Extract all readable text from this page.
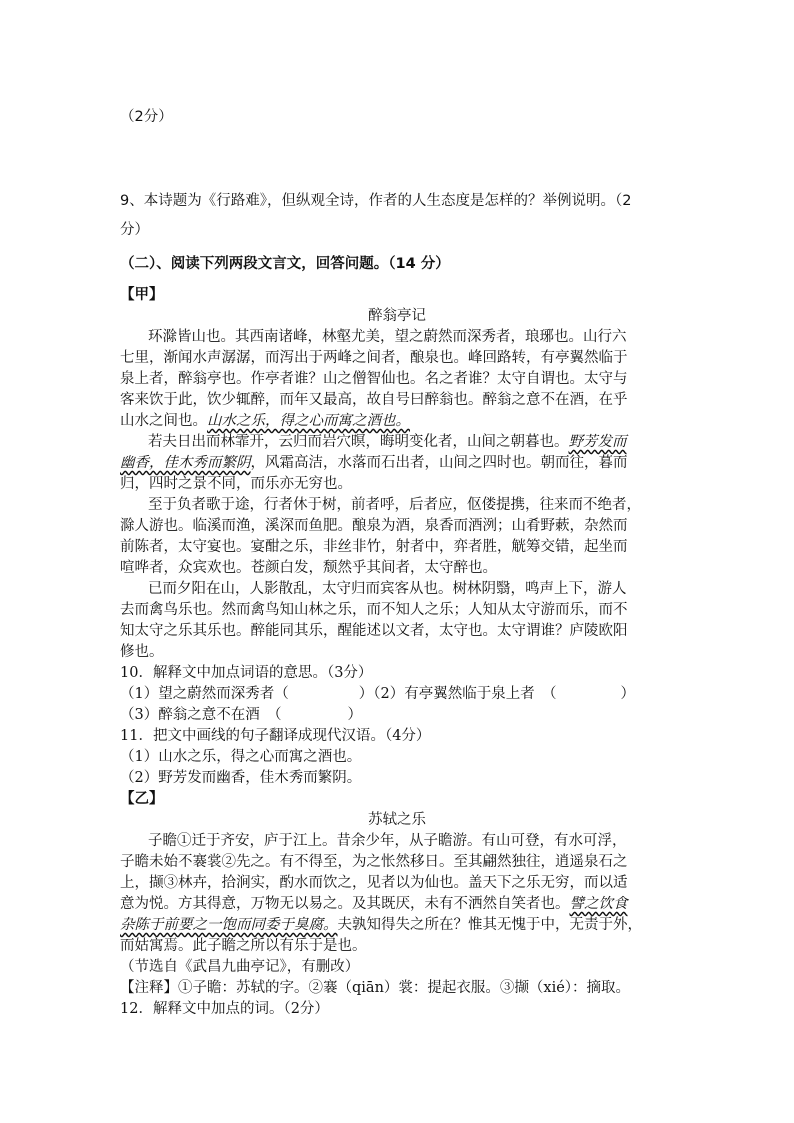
（2分）
9、本诗题为《行路难》，但纵观全诗，作者的人生态度是怎样的？举例说明。（2
分）
（二）、阅读下列两段文言文，回答问题。（14 分）
【甲】
醉翁亭记
环滁皆山也。其西南诸峰，林壑尤美，望之蔚然而深秀者，琅琊也。山行六
七里，渐闻水声潺潺，而泻出于两峰之间者，酿泉也。峰回路转，有亭翼然临于
泉上者，醉翁亭也。作亭者谁？山之僧智仙也。名之者谁？太守自谓也。太守与
客来饮于此，饮少辄醉，而年又最高，故自号曰醉翁也。醉翁之意不在酒，在乎
山水之间也。山水之乐，得之心而寓之酒也。
若夫日出而林霏开，云归而岩穴暝，晦明变化者，山间之朝暮也。野芳发而
幽香，佳木秀而繁阴，风霜高洁，水落而石出者，山间之四时也。朝而往，暮而
归，四时之景不同，而乐亦无穷也。
至于负者歌于途，行者休于树，前者呼，后者应，伛偻提携，往来而不绝者，
滁人游也。临溪而渔，溪深而鱼肥。酿泉为酒，泉香而酒洌；山肴野蔌，杂然而
前陈者，太守宴也。宴酣之乐，非丝非竹，射者中，弈者胜，觥筹交错，起坐而
喧哗者，众宾欢也。苍颜白发，颓然乎其间者，太守醉也。
已而夕阳在山，人影散乱，太守归而宾客从也。树林阴翳，鸣声上下，游人
去而禽鸟乐也。然而禽鸟知山林之乐，而不知人之乐；人知从太守游而乐，而不
知太守之乐其乐也。醉能同其乐，醒能述以文者，太守也。太守谓谁？庐陵欧阳
修也。
10．解释文中加点词语的意思。（3分）
（1）望之蔚然而深秀者（	）（2）有亭翼然临于泉上者　（	）
（3）醉翁之意不在酒　（	）
11．把文中画线的句子翻译成现代汉语。（4分）
（1）山水之乐，得之心而寓之酒也。
（2）野芳发而幽香，佳木秀而繁阴。
【乙】
苏轼之乐
子瞻①迁于齐安，庐于江上。昔余少年，从子瞻游。有山可登，有水可浮，
子瞻未始不褰裳②先之。有不得至，为之怅然移日。至其翩然独往，逍遥泉石之
上，撷③林卉，拾涧实，酌水而饮之，见者以为仙也。盖天下之乐无穷，而以适
意为悦。方其得意，万物无以易之。及其既厌，未有不洒然自笑者也。譬之饮食
杂陈于前要之一饱而同委于臭腐。夫孰知得失之所在？惟其无愧于中，无责于外，
而姑寓焉。此子瞻之所以有乐于是也。
（节选自《武昌九曲亭记》，有删改）
【注释】①子瞻：苏轼的字。②褰（qiān）裳：提起衣服。③撷（xié）：摘取。
12．解释文中加点的词。（2分）
